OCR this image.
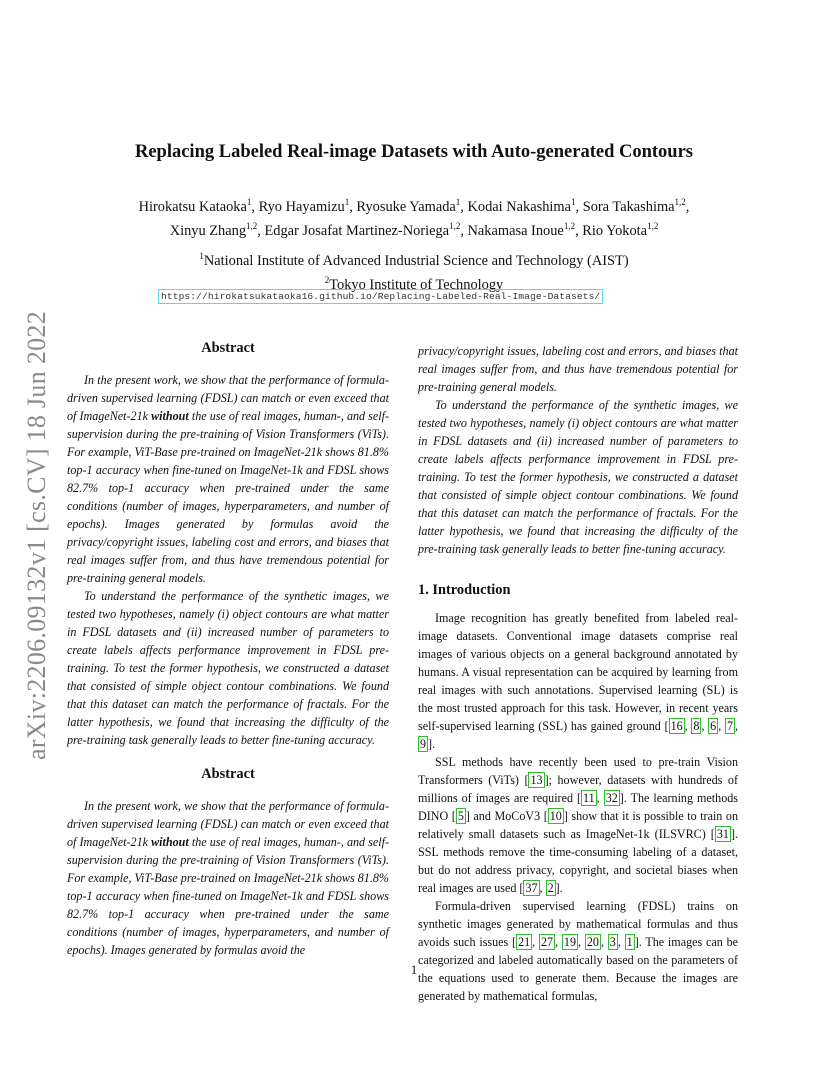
arXiv:2206.09132v1 [cs.CV] 18 Jun 2022
Replacing Labeled Real-image Datasets with Auto-generated Contours
Hirokatsu Kataoka$^1$, Ryo Hayamizu$^1$, Ryosuke Yamada$^1$, Kodai Nakashima$^1$, Sora Takashima$^{1,2}$,
Xinyu Zhang$^{1,2}$, Edgar Josafat Martinez-Noriega$^{1,2}$, Nakamasa Inoue$^{1,2}$, Rio Yokota$^{1,2}$
$^1$National Institute of Advanced Industrial Science and Technology (AIST)
$^2$Tokyo Institute of Technology
https://hirokatsukataoka16.github.io/Replacing-Labeled-Real-Image-Datasets/
Abstract

In the present work, we show that the performance of formula-driven supervised learning (FDSL) can match or even exceed that of ImageNet-21k without the use of real images, human-, and self-supervision during the pre-training of Vision Transformers (ViTs). For example, ViT-Base pre-trained on ImageNet-21k shows 81.8% top-1 accuracy when fine-tuned on ImageNet-1k and FDSL shows 82.7% top-1 accuracy when pre-trained under the same conditions (number of images, hyperparameters, and number of epochs). Images generated by formulas avoid the privacy/copyright issues, labeling cost and errors, and biases that real images suffer from, and thus have tremendous potential for pre-training general models.

To understand the performance of the synthetic images, we tested two hypotheses, namely (i) object contours are what matter in FDSL datasets and (ii) increased number of parameters to create labels affects performance improvement in FDSL pre-training. To test the former hypothesis, we constructed a dataset that consisted of simple object contour combinations. We found that this dataset can match the performance of fractals. For the latter hypothesis, we found that increasing the difficulty of the pre-training task generally leads to better fine-tuning accuracy.

Abstract

In the present work, we show that the performance of formula-driven supervised learning (FDSL) can match or even exceed that of ImageNet-21k without the use of real images, human-, and self-supervision during the pre-training of Vision Transformers (ViTs). For example, ViT-Base pre-trained on ImageNet-21k shows 81.8% top-1 accuracy when fine-tuned on ImageNet-1k and FDSL shows 82.7% top-1 accuracy when pre-trained under the same conditions (number of images, hyperparameters, and number of epochs). Images generated by formulas avoid the

privacy/copyright issues, labeling cost and errors, and biases that real images suffer from, and thus have tremendous potential for pre-training general models.

To understand the performance of the synthetic images, we tested two hypotheses, namely (i) object contours are what matter in FDSL datasets and (ii) increased number of parameters to create labels affects performance improvement in FDSL pre-training. To test the former hypothesis, we constructed a dataset that consisted of simple object contour combinations. We found that this dataset can match the performance of fractals. For the latter hypothesis, we found that increasing the difficulty of the pre-training task generally leads to better fine-tuning accuracy.

1. Introduction

Image recognition has greatly benefited from labeled real-image datasets. Conventional image datasets comprise real images of various objects on a general background annotated by humans. A visual representation can be acquired by learning from real images with such annotations. Supervised learning (SL) is the most trusted approach for this task. However, in recent years self-supervised learning (SSL) has gained ground [ 16 , 8 , 6 , 7 , 9 ].

SSL methods have recently been used to pre-train Vision Transformers (ViTs) [ 13 ]; however, datasets with hundreds of millions of images are required [ 11 , 32 ]. The learning methods DINO [ 5 ] and MoCoV3 [ 10 ] show that it is possible to train on relatively small datasets such as ImageNet-1k (ILSVRC) [ 31 ]. SSL methods remove the time-consuming labeling of a dataset, but do not address privacy, copyright, and societal biases when real images are used [ 37 , 2 ].

Formula-driven supervised learning (FDSL) trains on synthetic images generated by mathematical formulas and thus avoids such issues [ 21 , 27 , 19 , 20 , 3 , 1 ]. The images can be categorized and labeled automatically based on the parameters of the equations used to generate them. Because the images are generated by mathematical formulas,

1
